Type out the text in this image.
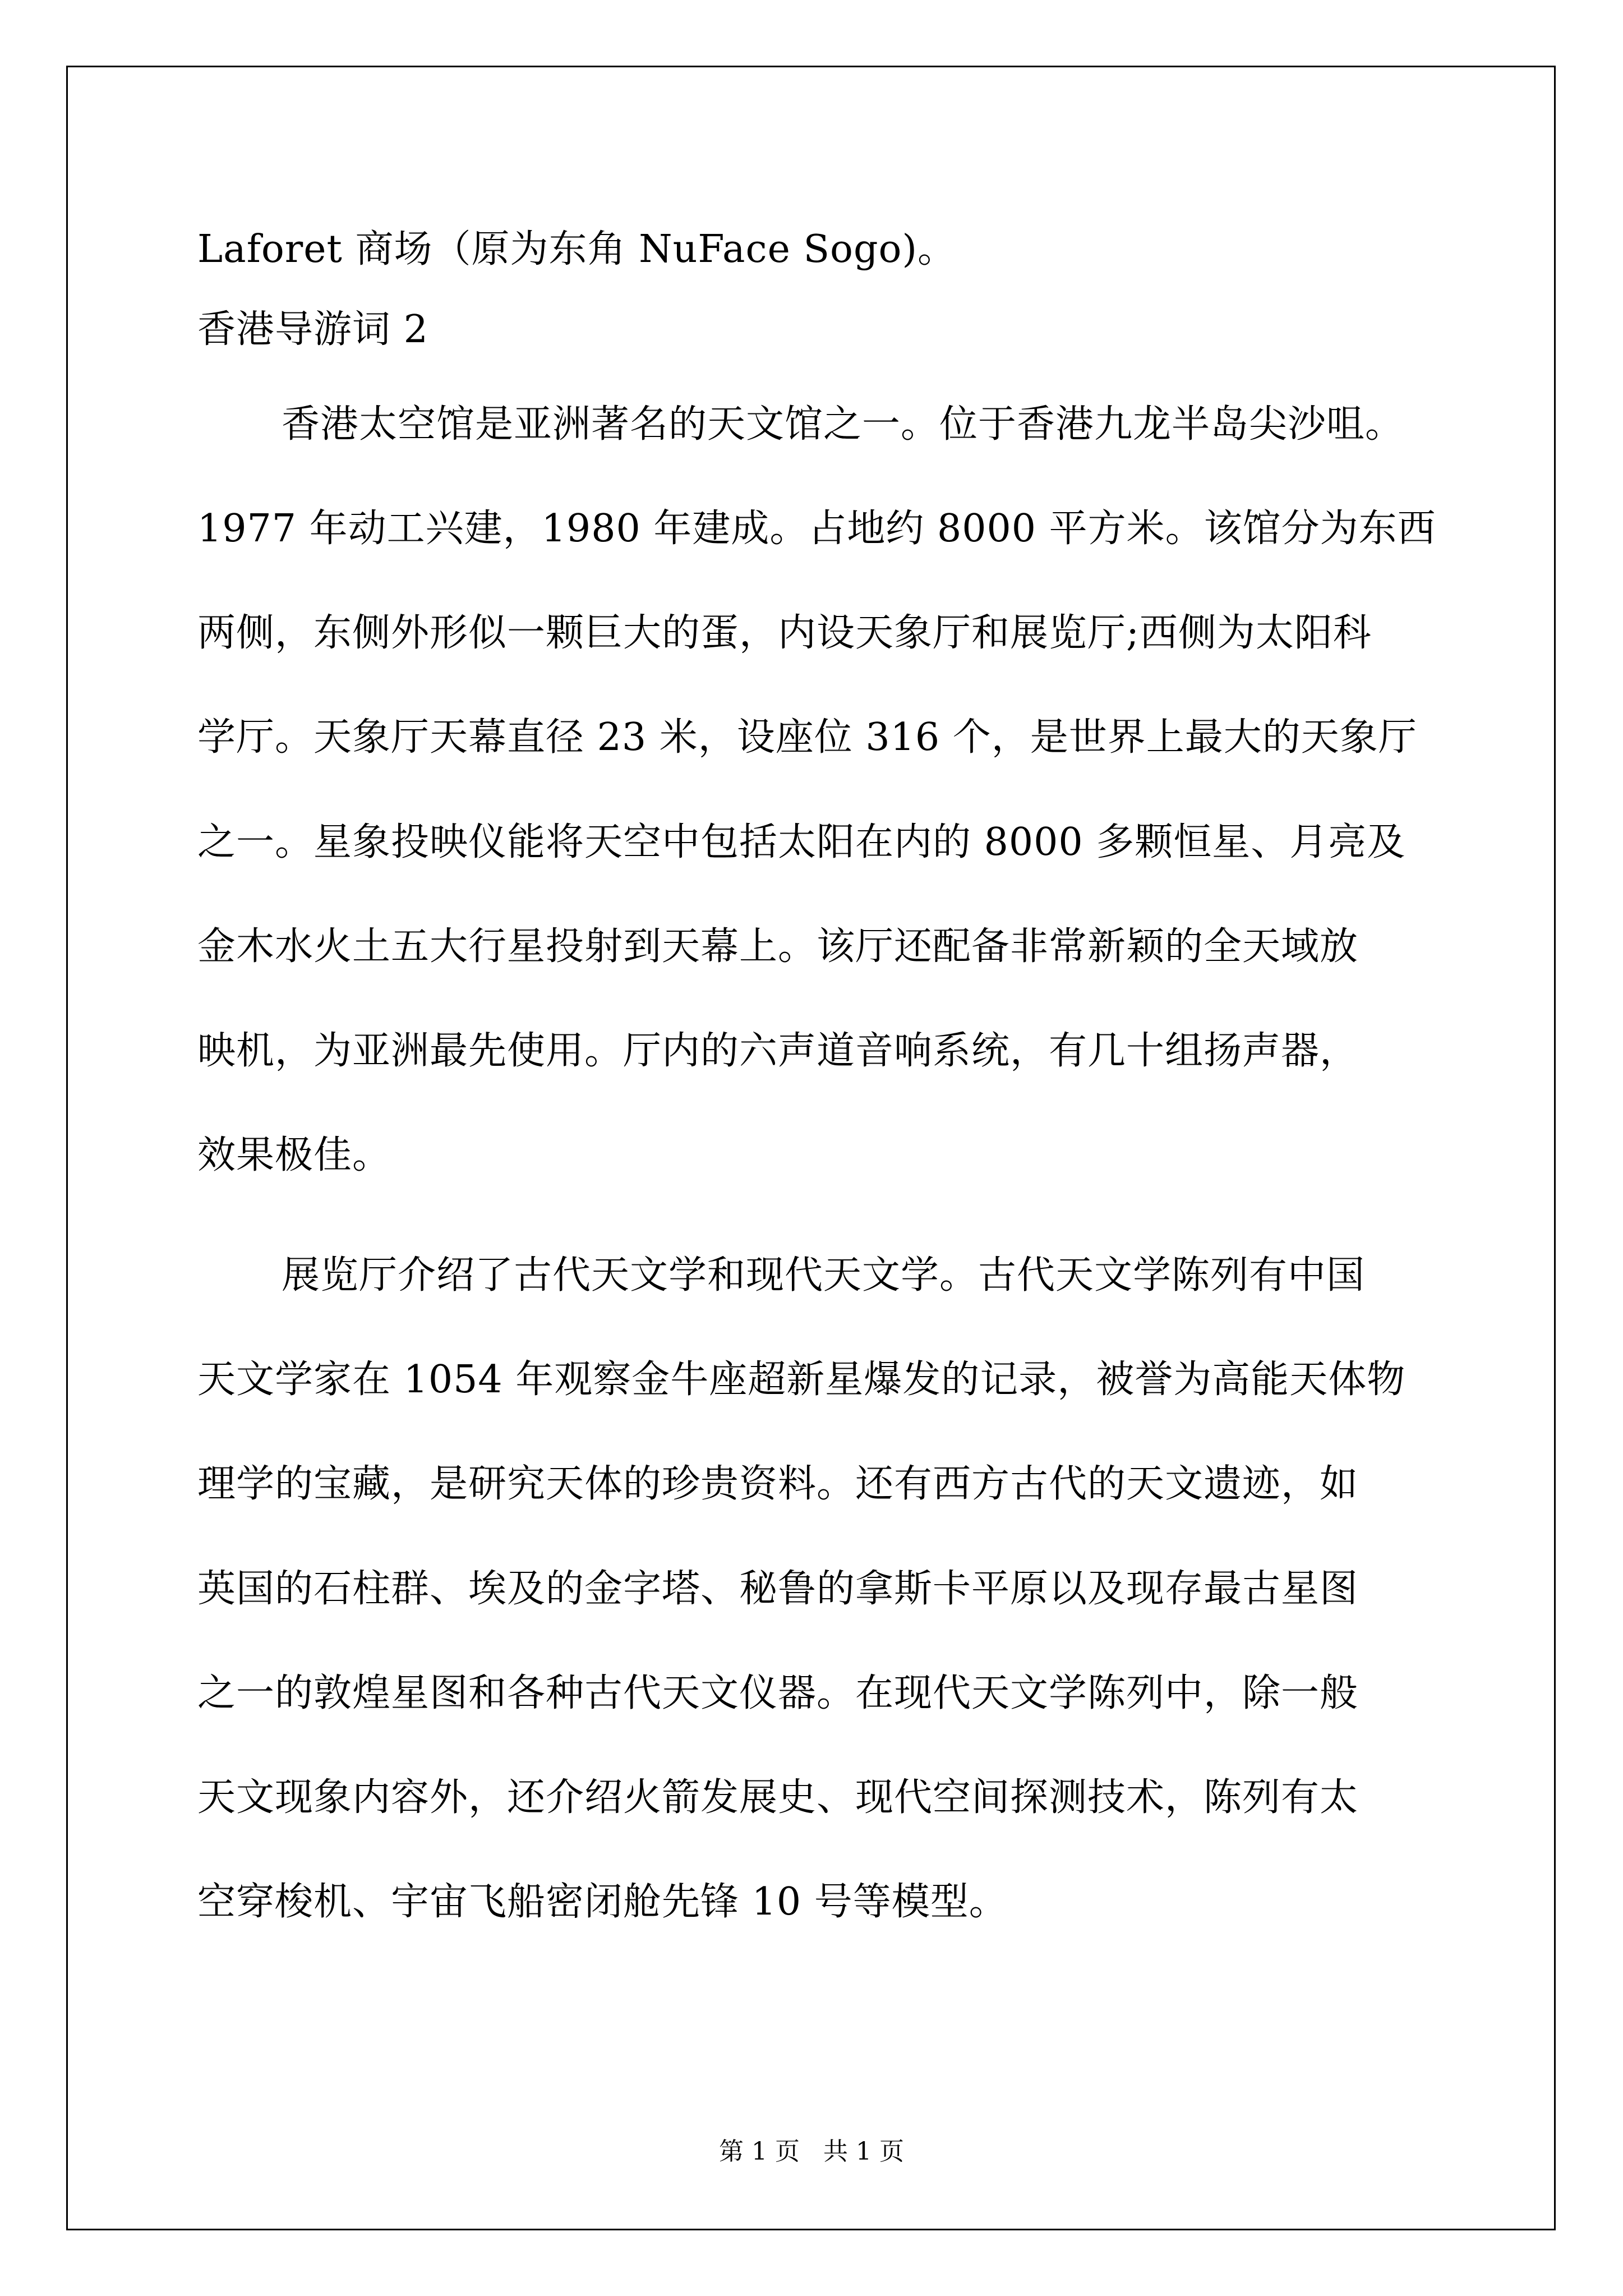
Laforet 商场（原为东角 NuFace Sogo)。
香港导游词 2
香港太空馆是亚洲著名的天文馆之一。位于香港九龙半岛尖沙咀。
1977 年动工兴建，1980 年建成。占地约 8000 平方米。该馆分为东西
两侧，东侧外形似一颗巨大的蛋，内设天象厅和展览厅;西侧为太阳科
学厅。天象厅天幕直径 23 米，设座位 316 个，是世界上最大的天象厅
之一。星象投映仪能将天空中包括太阳在内的 8000 多颗恒星、月亮及
金木水火土五大行星投射到天幕上。该厅还配备非常新颖的全天域放
映机，为亚洲最先使用。厅内的六声道音响系统，有几十组扬声器，
效果极佳。
展览厅介绍了古代天文学和现代天文学。古代天文学陈列有中国
天文学家在 1054 年观察金牛座超新星爆发的记录，被誉为高能天体物
理学的宝藏，是研究天体的珍贵资料。还有西方古代的天文遗迹，如
英国的石柱群、埃及的金字塔、秘鲁的拿斯卡平原以及现存最古星图
之一的敦煌星图和各种古代天文仪器。在现代天文学陈列中，除一般
天文现象内容外，还介绍火箭发展史、现代空间探测技术，陈列有太
空穿梭机、宇宙飞船密闭舱先锋 10 号等模型。
第 1 页   共 1 页
